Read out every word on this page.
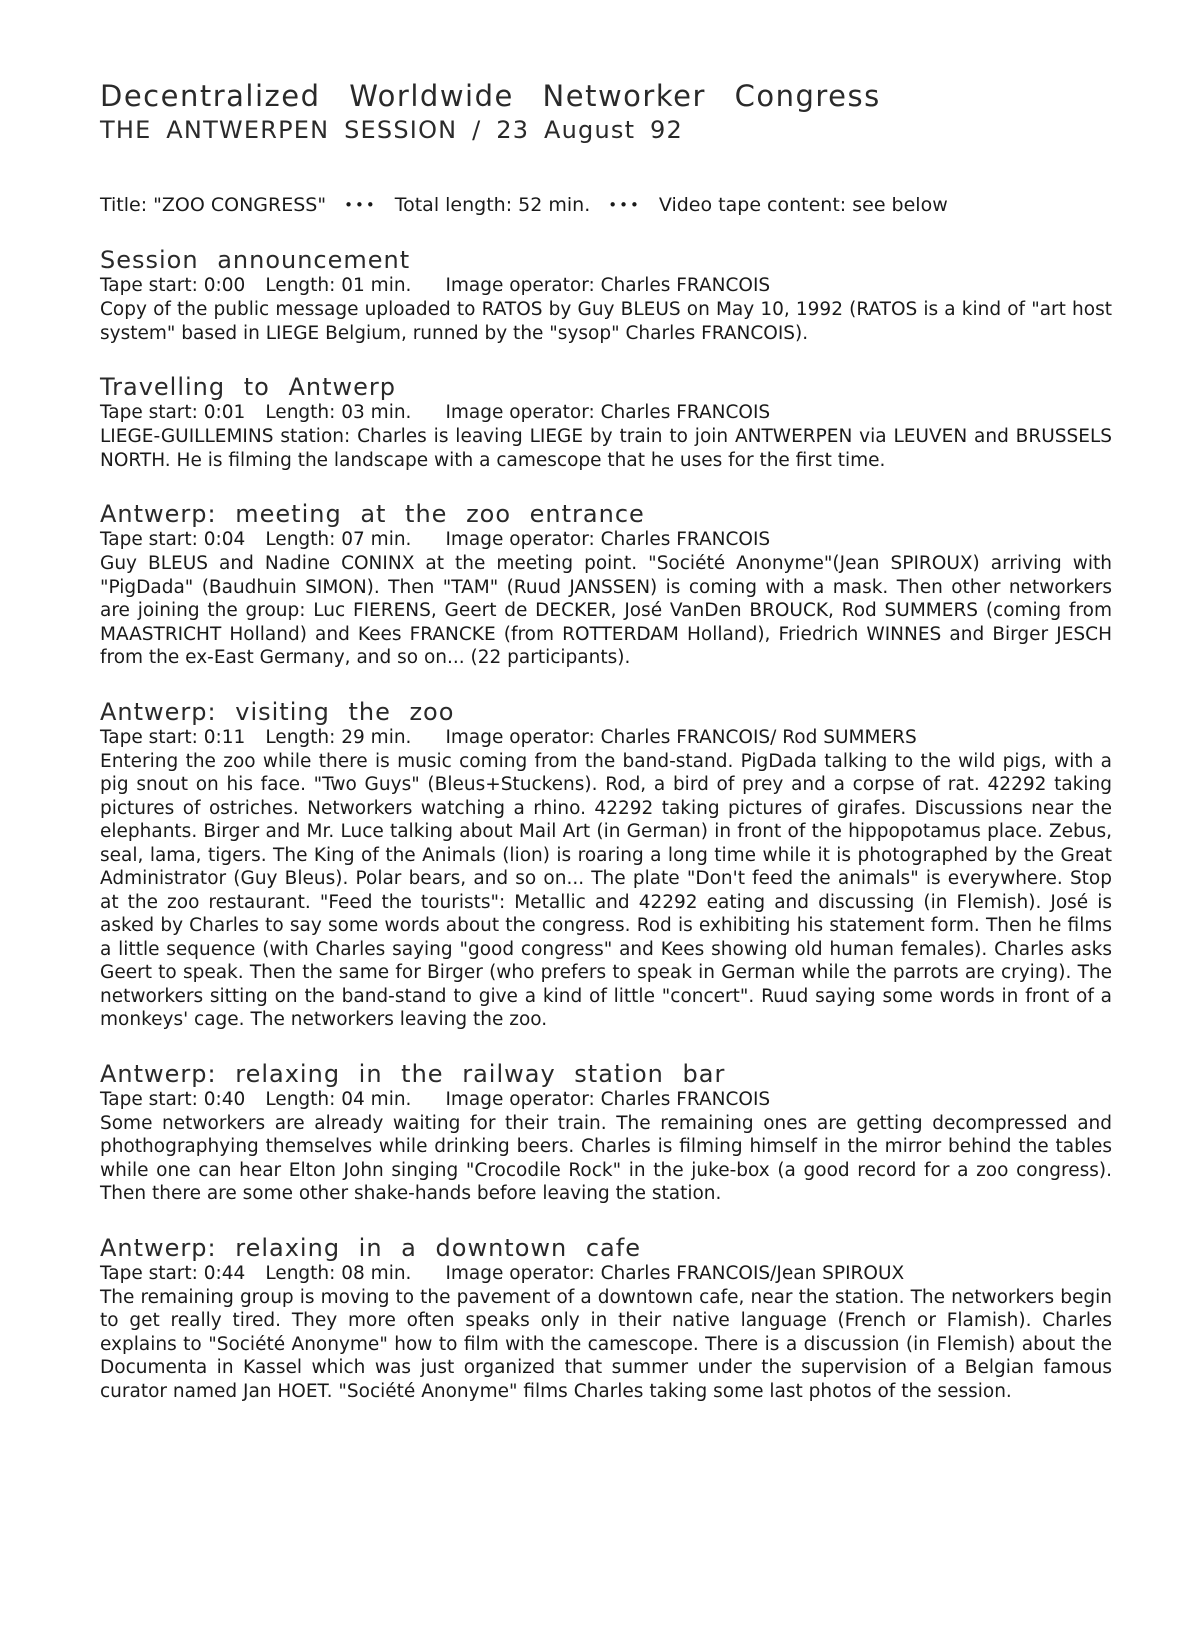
Decentralized Worldwide Networker Congress
THE ANTWERPEN SESSION / 23 August 92
Title: "ZOO CONGRESS" ••• Total length: 52 min. ••• Video tape content: see below
Session announcement
Tape start: 0:00 Length: 01 min. Image operator: Charles FRANCOIS

Copy of the public message uploaded to RATOS by Guy BLEUS on May 10, 1992 (RATOS is a kind of "art host system" based in LIEGE Belgium, runned by the "sysop" Charles FRANCOIS).

Travelling to Antwerp
Tape start: 0:01 Length: 03 min. Image operator: Charles FRANCOIS

LIEGE-GUILLEMINS station: Charles is leaving LIEGE by train to join ANTWERPEN via LEUVEN and BRUSSELS NORTH. He is filming the landscape with a camescope that he uses for the first time.

Antwerp: meeting at the zoo entrance
Tape start: 0:04 Length: 07 min. Image operator: Charles FRANCOIS

Guy BLEUS and Nadine CONINX at the meeting point. "Société Anonyme"(Jean SPIROUX) arriving with "PigDada" (Baudhuin SIMON). Then "TAM" (Ruud JANSSEN) is coming with a mask. Then other networkers are joining the group: Luc FIERENS, Geert de DECKER, José VanDen BROUCK, Rod SUMMERS (coming from MAASTRICHT Holland) and Kees FRANCKE (from ROTTERDAM Holland), Friedrich WINNES and Birger JESCH from the ex-East Germany, and so on... (22 participants).

Antwerp: visiting the zoo
Tape start: 0:11 Length: 29 min. Image operator: Charles FRANCOIS/ Rod SUMMERS

Entering the zoo while there is music coming from the band-stand. PigDada talking to the wild pigs, with a pig snout on his face. "Two Guys" (Bleus+Stuckens). Rod, a bird of prey and a corpse of rat. 42292 taking pictures of ostriches. Networkers watching a rhino. 42292 taking pictures of girafes. Discussions near the elephants. Birger and Mr. Luce talking about Mail Art (in German) in front of the hippopotamus place. Zebus, seal, lama, tigers. The King of the Animals (lion) is roaring a long time while it is photographed by the Great Administrator (Guy Bleus). Polar bears, and so on... The plate "Don't feed the animals" is everywhere. Stop at the zoo restaurant. "Feed the tourists": Metallic and 42292 eating and discussing (in Flemish). José is asked by Charles to say some words about the congress. Rod is exhibiting his statement form. Then he films a little sequence (with Charles saying "good congress" and Kees showing old human females). Charles asks Geert to speak. Then the same for Birger (who prefers to speak in German while the parrots are crying). The networkers sitting on the band-stand to give a kind of little "concert". Ruud saying some words in front of a monkeys' cage. The networkers leaving the zoo.

Antwerp: relaxing in the railway station bar
Tape start: 0:40 Length: 04 min. Image operator: Charles FRANCOIS

Some networkers are already waiting for their train. The remaining ones are getting decompressed and phothographying themselves while drinking beers. Charles is filming himself in the mirror behind the tables while one can hear Elton John singing "Crocodile Rock" in the juke-box (a good record for a zoo congress). Then there are some other shake-hands before leaving the station.

Antwerp: relaxing in a downtown cafe
Tape start: 0:44 Length: 08 min. Image operator: Charles FRANCOIS/Jean SPIROUX

The remaining group is moving to the pavement of a downtown cafe, near the station. The networkers begin to get really tired. They more often speaks only in their native language (French or Flamish). Charles explains to "Société Anonyme" how to film with the camescope. There is a discussion (in Flemish) about the Documenta in Kassel which was just organized that summer under the supervision of a Belgian famous curator named Jan HOET. "Société Anonyme" films Charles taking some last photos of the session.
